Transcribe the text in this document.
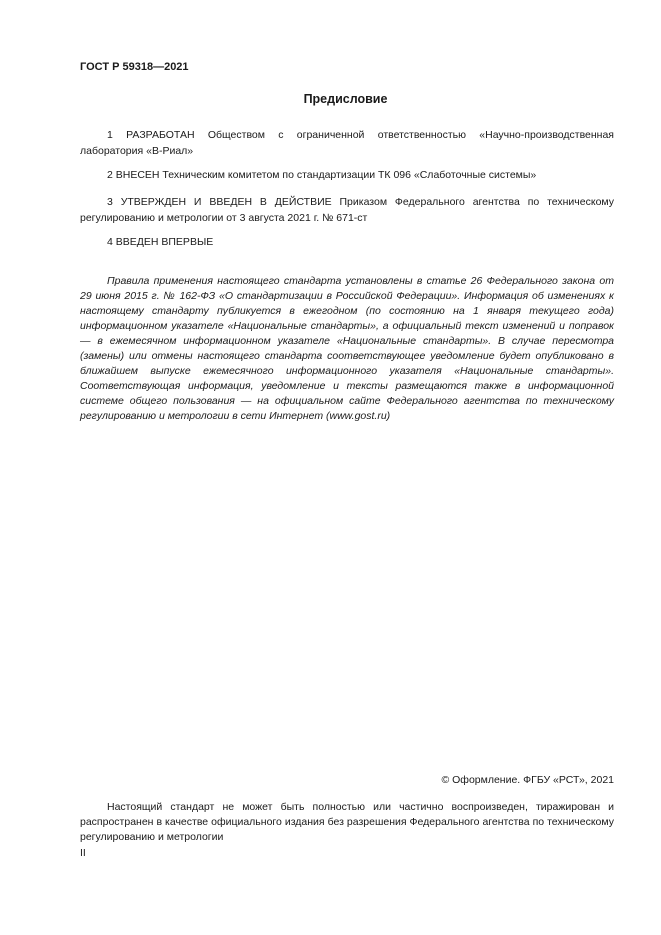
ГОСТ Р 59318—2021
Предисловие
1 РАЗРАБОТАН Обществом с ограниченной ответственностью «Научно-производственная лаборатория «В-Риал»
2 ВНЕСЕН Техническим комитетом по стандартизации ТК 096 «Слаботочные системы»
3 УТВЕРЖДЕН И ВВЕДЕН В ДЕЙСТВИЕ Приказом Федерального агентства по техническому регулированию и метрологии от 3 августа 2021 г. № 671-ст
4 ВВЕДЕН ВПЕРВЫЕ
Правила применения настоящего стандарта установлены в статье 26 Федерального закона от 29 июня 2015 г. № 162-ФЗ «О стандартизации в Российской Федерации». Информация об изменениях к настоящему стандарту публикуется в ежегодном (по состоянию на 1 января текущего года) информационном указателе «Национальные стандарты», а официальный текст изменений и поправок — в ежемесячном информационном указателе «Национальные стандарты». В случае пересмотра (замены) или отмены настоящего стандарта соответствующее уведомление будет опубликовано в ближайшем выпуске ежемесячного информационного указателя «Национальные стандарты». Соответствующая информация, уведомление и тексты размещаются также в информационной системе общего пользования — на официальном сайте Федерального агентства по техническому регулированию и метрологии в сети Интернет (www.gost.ru)
© Оформление. ФГБУ «РСТ», 2021
Настоящий стандарт не может быть полностью или частично воспроизведен, тиражирован и распространен в качестве официального издания без разрешения Федерального агентства по техническому регулированию и метрологии
II
